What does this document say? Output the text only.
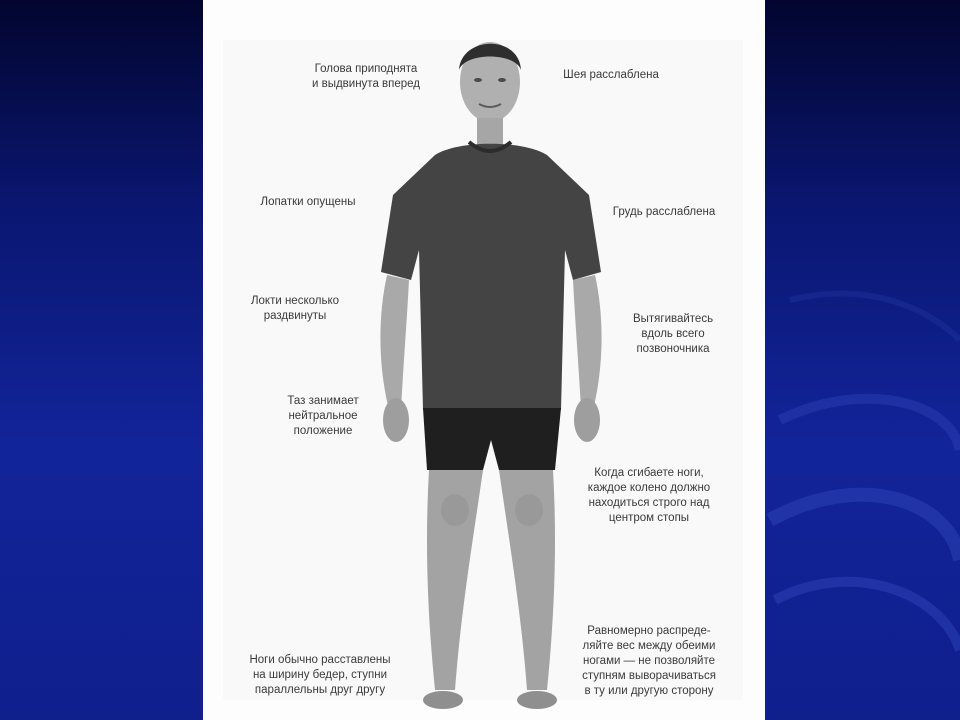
Голова приподнята
и выдвинута вперед
Шея расслаблена
Лопатки опущены
Грудь расслаблена
Локти несколько
раздвинуты	Вытягивайтесь
вдоль всего
позвоночника
Таз занимает
нейтральное
положение
Когда сгибаете ноги,
каждое колено должно
находиться строго над
центром стопы
Равномерно распреде-
ляйте вес между обеими
ногами — не позволяйте
ступням выворачиваться
в ту или другую сторону
Ноги обычно расставлены
на ширину бедер, ступни
параллельны друг другу
